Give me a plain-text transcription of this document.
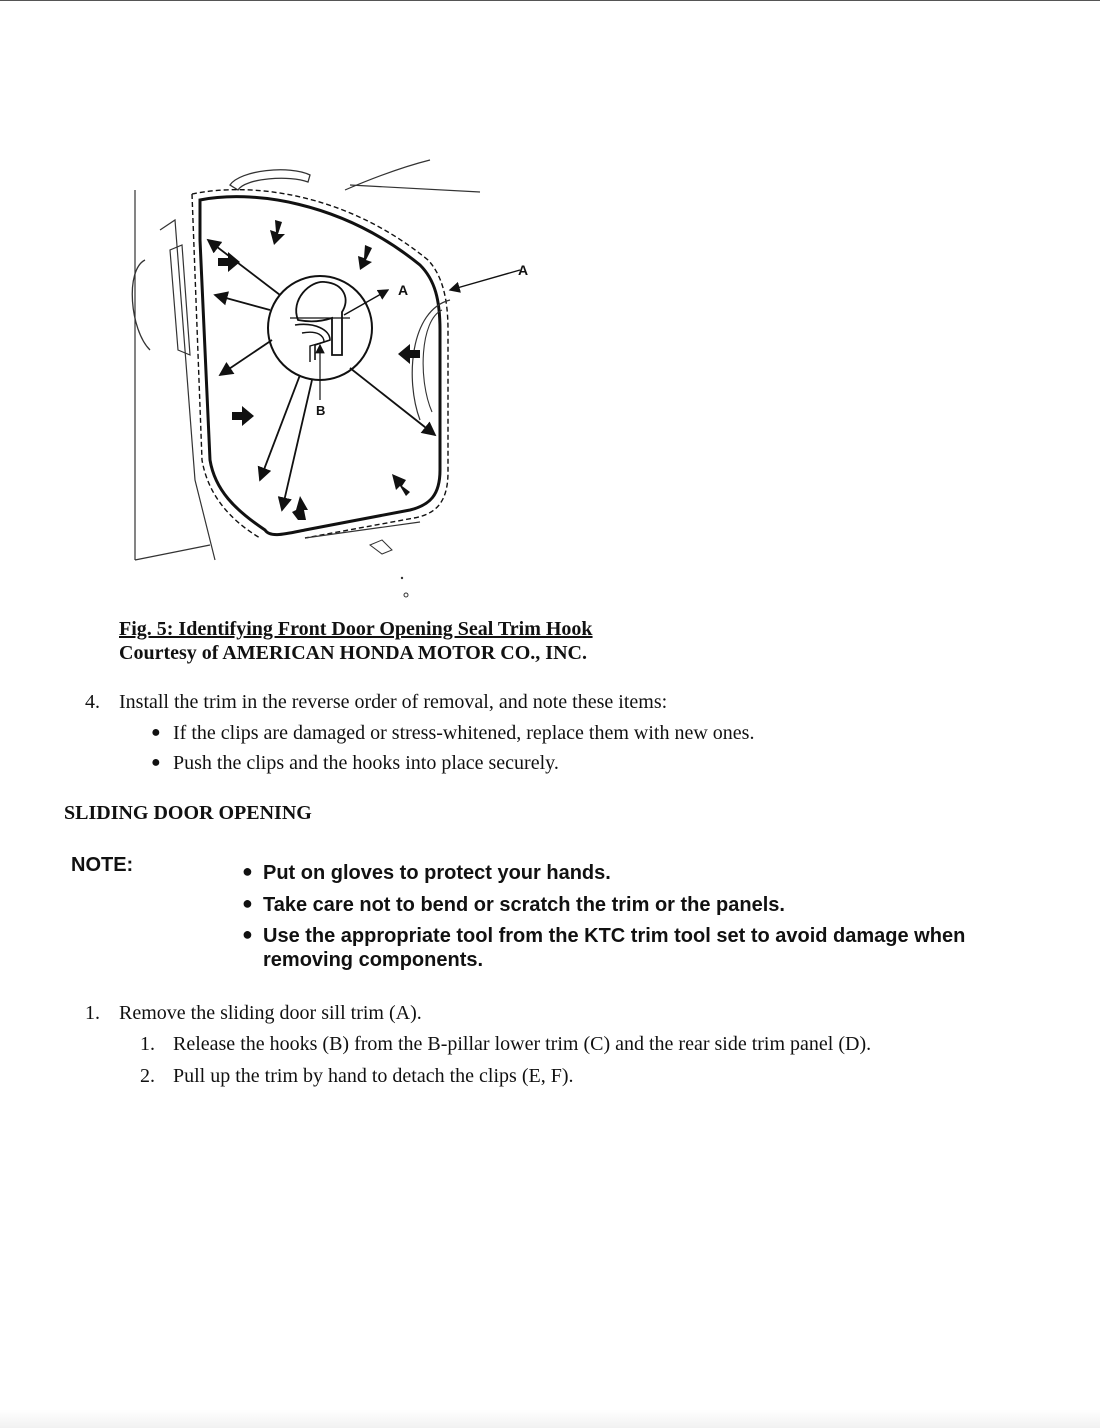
A
A
B
Fig. 5: Identifying Front Door Opening Seal Trim Hook
Courtesy of AMERICAN HONDA MOTOR CO., INC.
4. Install the trim in the reverse order of removal, and note these items:
● If the clips are damaged or stress-whitened, replace them with new ones.
● Push the clips and the hooks into place securely.
SLIDING DOOR OPENING
NOTE:	● Put on gloves to protect your hands.
● Take care not to bend or scratch the trim or the panels.
● Use the appropriate tool from the KTC trim tool set to avoid damage when removing components.
1. Remove the sliding door sill trim (A).
1. Release the hooks (B) from the B-pillar lower trim (C) and the rear side trim panel (D).
2. Pull up the trim by hand to detach the clips (E, F).
